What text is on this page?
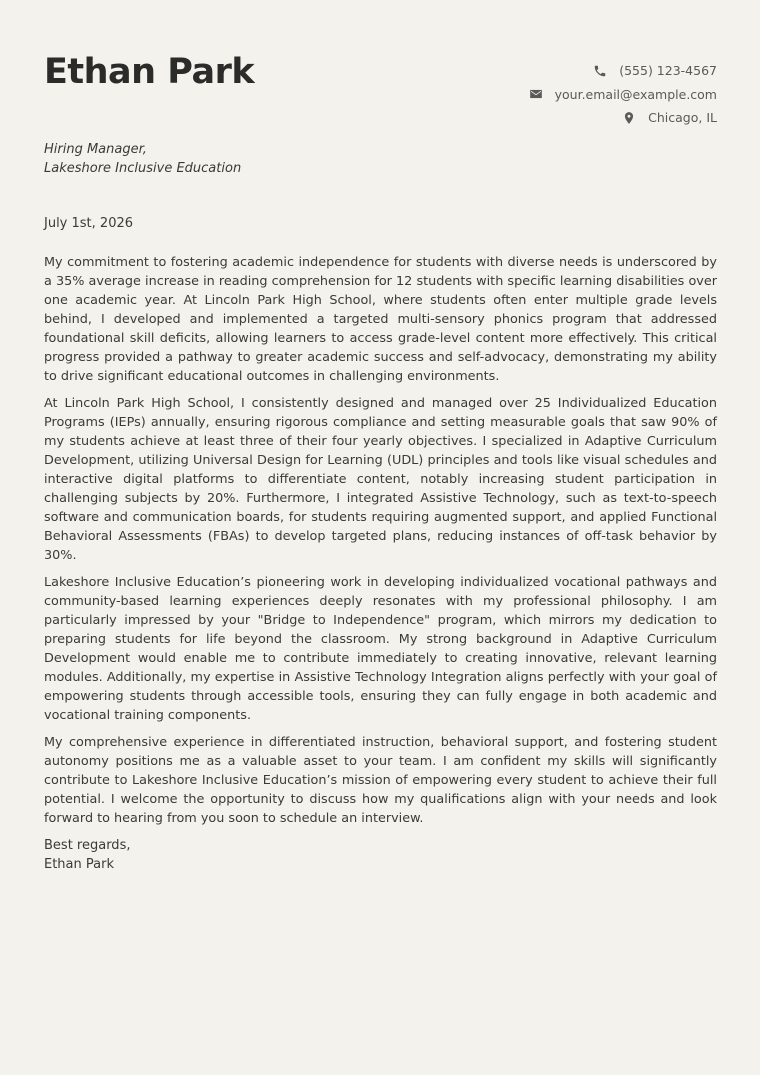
Ethan Park	(555) 123-4567
your.email@example.com
Chicago, IL
Hiring Manager,
Lakeshore Inclusive Education
July 1st, 2026

My commitment to fostering academic independence for students with diverse needs is underscored by a 35% average increase in reading comprehension for 12 students with specific learning disabilities over one academic year. At Lincoln Park High School, where students often enter multiple grade levels behind, I developed and implemented a targeted multi-sensory phonics program that addressed foundational skill deficits, allowing learners to access grade-level content more effectively. This critical progress provided a pathway to greater academic success and self-advocacy, demonstrating my ability to drive significant educational outcomes in challenging environments.

At Lincoln Park High School, I consistently designed and managed over 25 Individualized Education Programs (IEPs) annually, ensuring rigorous compliance and setting measurable goals that saw 90% of my students achieve at least three of their four yearly objectives. I specialized in Adaptive Curriculum Development, utilizing Universal Design for Learning (UDL) principles and tools like visual schedules and interactive digital platforms to differentiate content, notably increasing student participation in challenging subjects by 20%. Furthermore, I integrated Assistive Technology, such as text-to-speech software and communication boards, for students requiring augmented support, and applied Functional Behavioral Assessments (FBAs) to develop targeted plans, reducing instances of off-task behavior by 30%.

Lakeshore Inclusive Education’s pioneering work in developing individualized vocational pathways and community-based learning experiences deeply resonates with my professional philosophy. I am particularly impressed by your "Bridge to Independence" program, which mirrors my dedication to preparing students for life beyond the classroom. My strong background in Adaptive Curriculum Development would enable me to contribute immediately to creating innovative, relevant learning modules. Additionally, my expertise in Assistive Technology Integration aligns perfectly with your goal of empowering students through accessible tools, ensuring they can fully engage in both academic and vocational training components.

My comprehensive experience in differentiated instruction, behavioral support, and fostering student autonomy positions me as a valuable asset to your team. I am confident my skills will significantly contribute to Lakeshore Inclusive Education’s mission of empowering every student to achieve their full potential. I welcome the opportunity to discuss how my qualifications align with your needs and look forward to hearing from you soon to schedule an interview.

Best regards,
Ethan Park
